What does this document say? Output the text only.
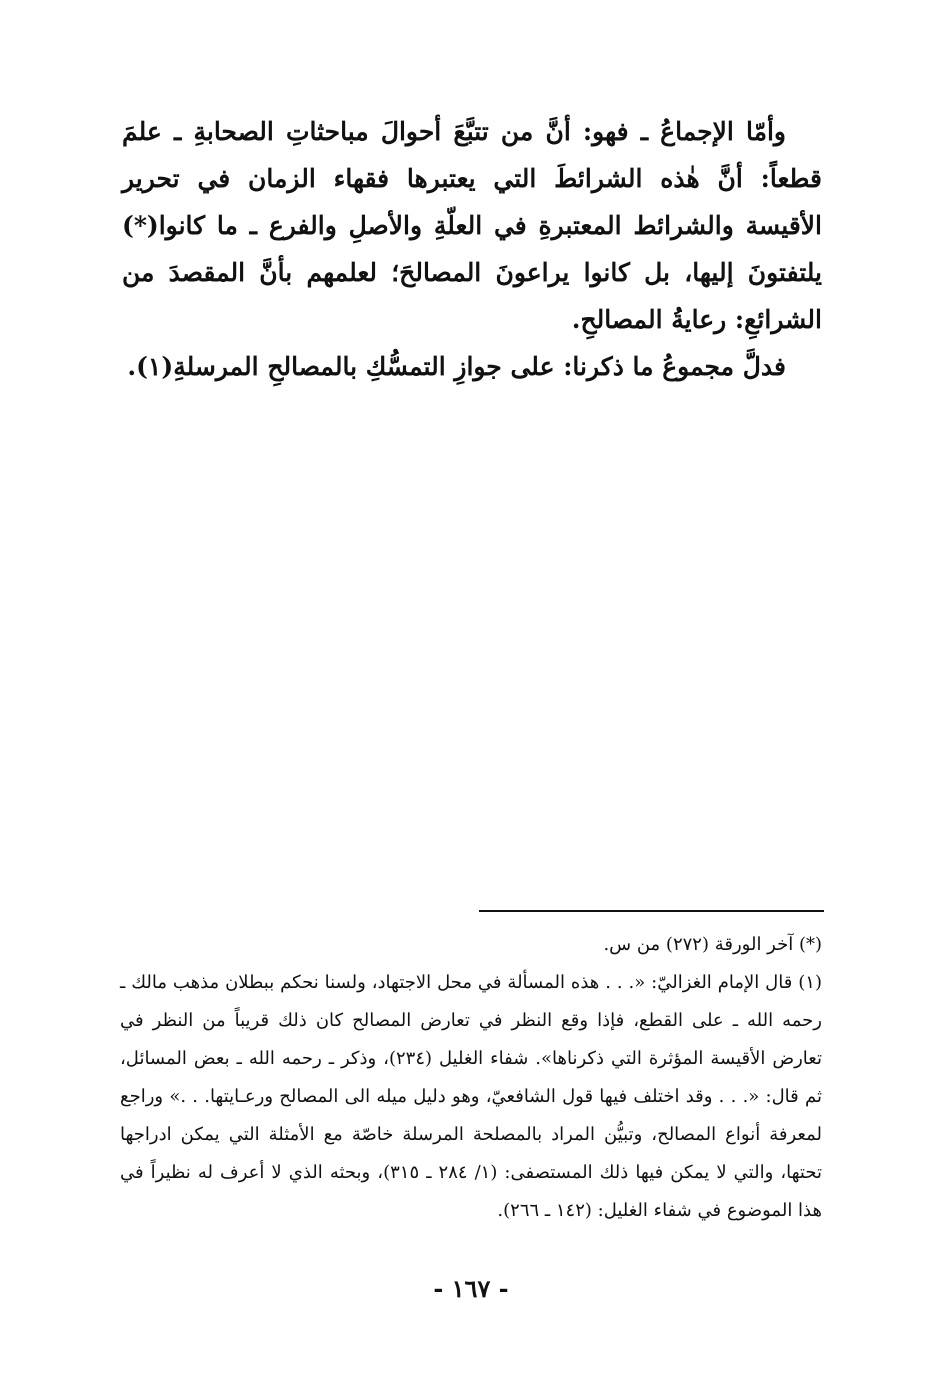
وأمّا الإجماعُ ـ فهو: أنَّ من تتبَّعَ أحوالَ مباحثاتِ الصحابةِ ـ علمَ قطعاً: أنَّ هٰذه الشرائطَ التي يعتبرها فقهاء الزمان في تحرير الأقيسة والشرائط المعتبرةِ في العلّةِ والأصلِ والفرع ـ ما كانوا(*) يلتفتونَ إليها، بل كانوا يراعونَ المصالحَ؛ لعلمهم بأنَّ المقصدَ من الشرائعِ: رعايةُ المصالحِ.

فدلَّ مجموعُ ما ذكرنا: على جوازِ التمسُّكِ بالمصالحِ المرسلةِ(١).

(*) آخر الورقة (٢٧٢) من س.

(١) قال الإمام الغزاليّ: «. . . هذه المسألة في محل الاجتهاد، ولسنا نحكم ببطلان مذهب مالك ـ رحمه الله ـ على القطع، فإذا وقع النظر في تعارض المصالح كان ذلك قريباً من النظر في تعارض الأقيسة المؤثرة التي ذكرناها». شفاء الغليل (٢٣٤)، وذكر ـ رحمه الله ـ بعض المسائل، ثم قال: «. . . وقد اختلف فيها قول الشافعيّ، وهو دليل ميله الى المصالح ورعـايتها. . .» وراجع لمعرفة أنواع المصالح، وتبيُّن المراد بالمصلحة المرسلة خاصّة مع الأمثلة التي يمكن ادراجها تحتها، والتي لا يمكن فيها ذلك المستصفى: (١/ ٢٨٤ ـ ٣١٥)، وبحثه الذي لا أعرف له نظيراً في هذا الموضوع في شفاء الغليل: (١٤٢ ـ ٢٦٦).

- ١٦٧ -
